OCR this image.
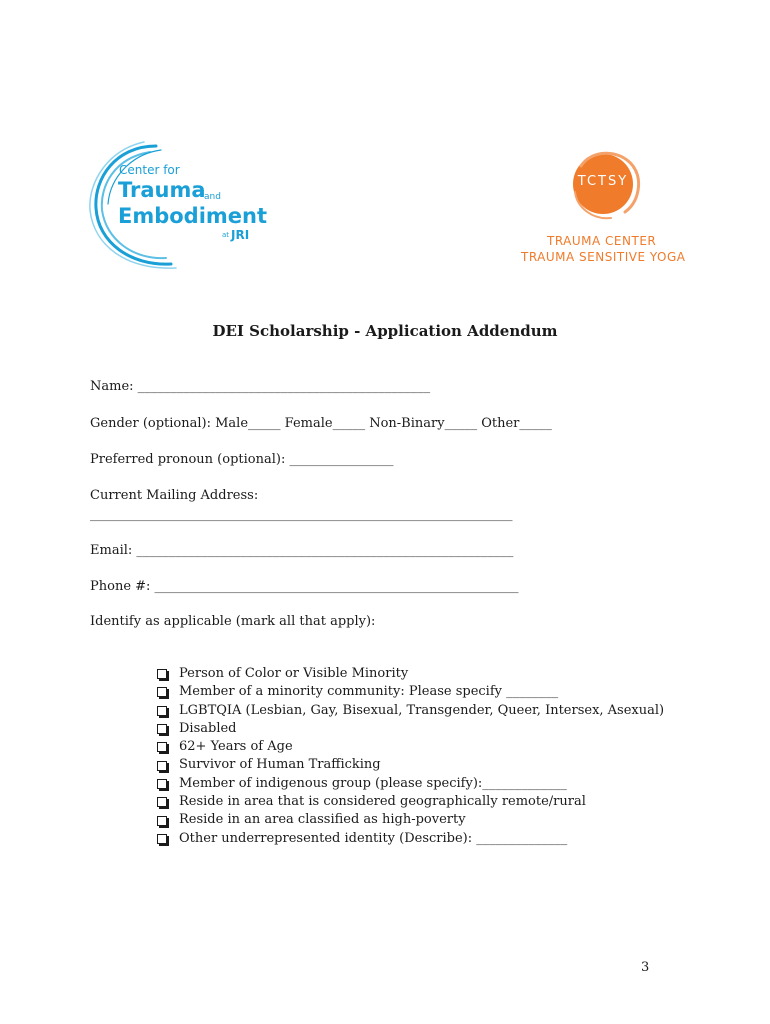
Center for
Trauma
and
Embodiment
at JRI
TCTSY
TRAUMA CENTER
TRAUMA SENSITIVE YOGA
DEI Scholarship - Application Addendum
Name: _____________________________________________
Gender (optional): Male_____ Female_____ Non-Binary_____ Other_____
Preferred pronoun (optional): ________________
Current Mailing Address:
_________________________________________________________________
Email: __________________________________________________________
Phone #: ________________________________________________________
Identify as applicable (mark all that apply):
Person of Color or Visible Minority
Member of a minority community: Please specify ________
LGBTQIA (Lesbian, Gay, Bisexual, Transgender, Queer, Intersex, Asexual)
Disabled
62+ Years of Age
Survivor of Human Trafficking
Member of indigenous group (please specify):_____________
Reside in area that is considered geographically remote/rural
Reside in an area classified as high-poverty
Other underrepresented identity (Describe): ______________
3
